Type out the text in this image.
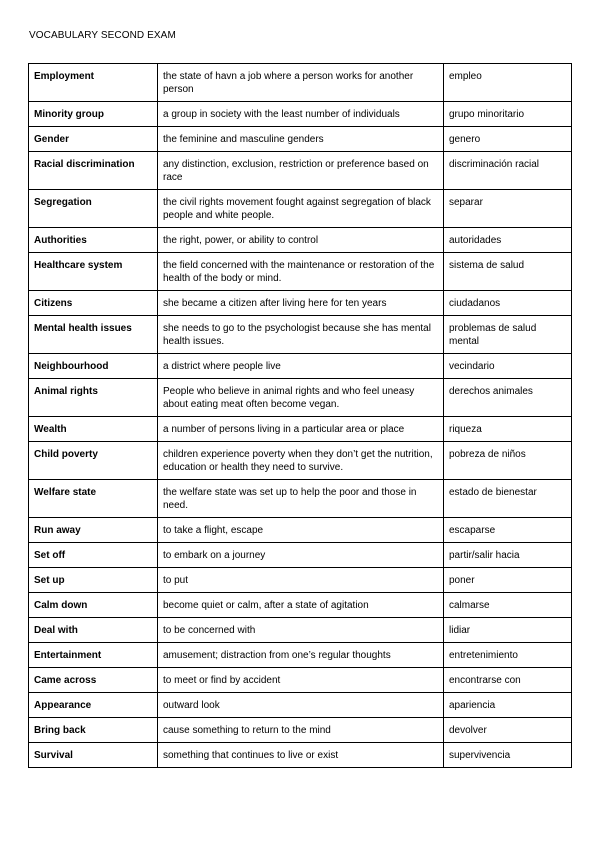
VOCABULARY SECOND EXAM
Employment	the state of havn a job where a person works for another person	empleo
Minority group	a group in society with the least number of individuals	grupo minoritario
Gender	the feminine and masculine genders	genero
Racial discrimination	any distinction, exclusion, restriction or preference based on race	discriminación racial
Segregation	the civil rights movement fought against segregation of black people and white people.	separar
Authorities	the right, power, or ability to control	autoridades
Healthcare system	the field concerned with the maintenance or restoration of the health of the body or mind.	sistema de salud
Citizens	she became a citizen after living here for ten years	ciudadanos
Mental health issues	she needs to go to the psychologist because she has mental health issues.	problemas de salud mental
Neighbourhood	a district where people live	vecindario
Animal rights	People who believe in animal rights and who feel uneasy about eating meat often become vegan.	derechos animales
Wealth	a number of persons living in a particular area or place	riqueza
Child poverty	children experience poverty when they don’t get the nutrition, education or health they need to survive.	pobreza de niños
Welfare state	the welfare state was set up to help the poor and those in need.	estado de bienestar
Run away	to take a flight, escape	escaparse
Set off	to embark on a journey	partir/salir hacia
Set up	to put	poner
Calm down	become quiet or calm, after a state of agitation	calmarse
Deal with	to be concerned with	lidiar
Entertainment	amusement; distraction from one’s regular thoughts	entretenimiento
Came across	to meet or find by accident	encontrarse con
Appearance	outward look	apariencia
Bring back	cause something to return to the mind	devolver
Survival	something that continues to live or exist	supervivencia
